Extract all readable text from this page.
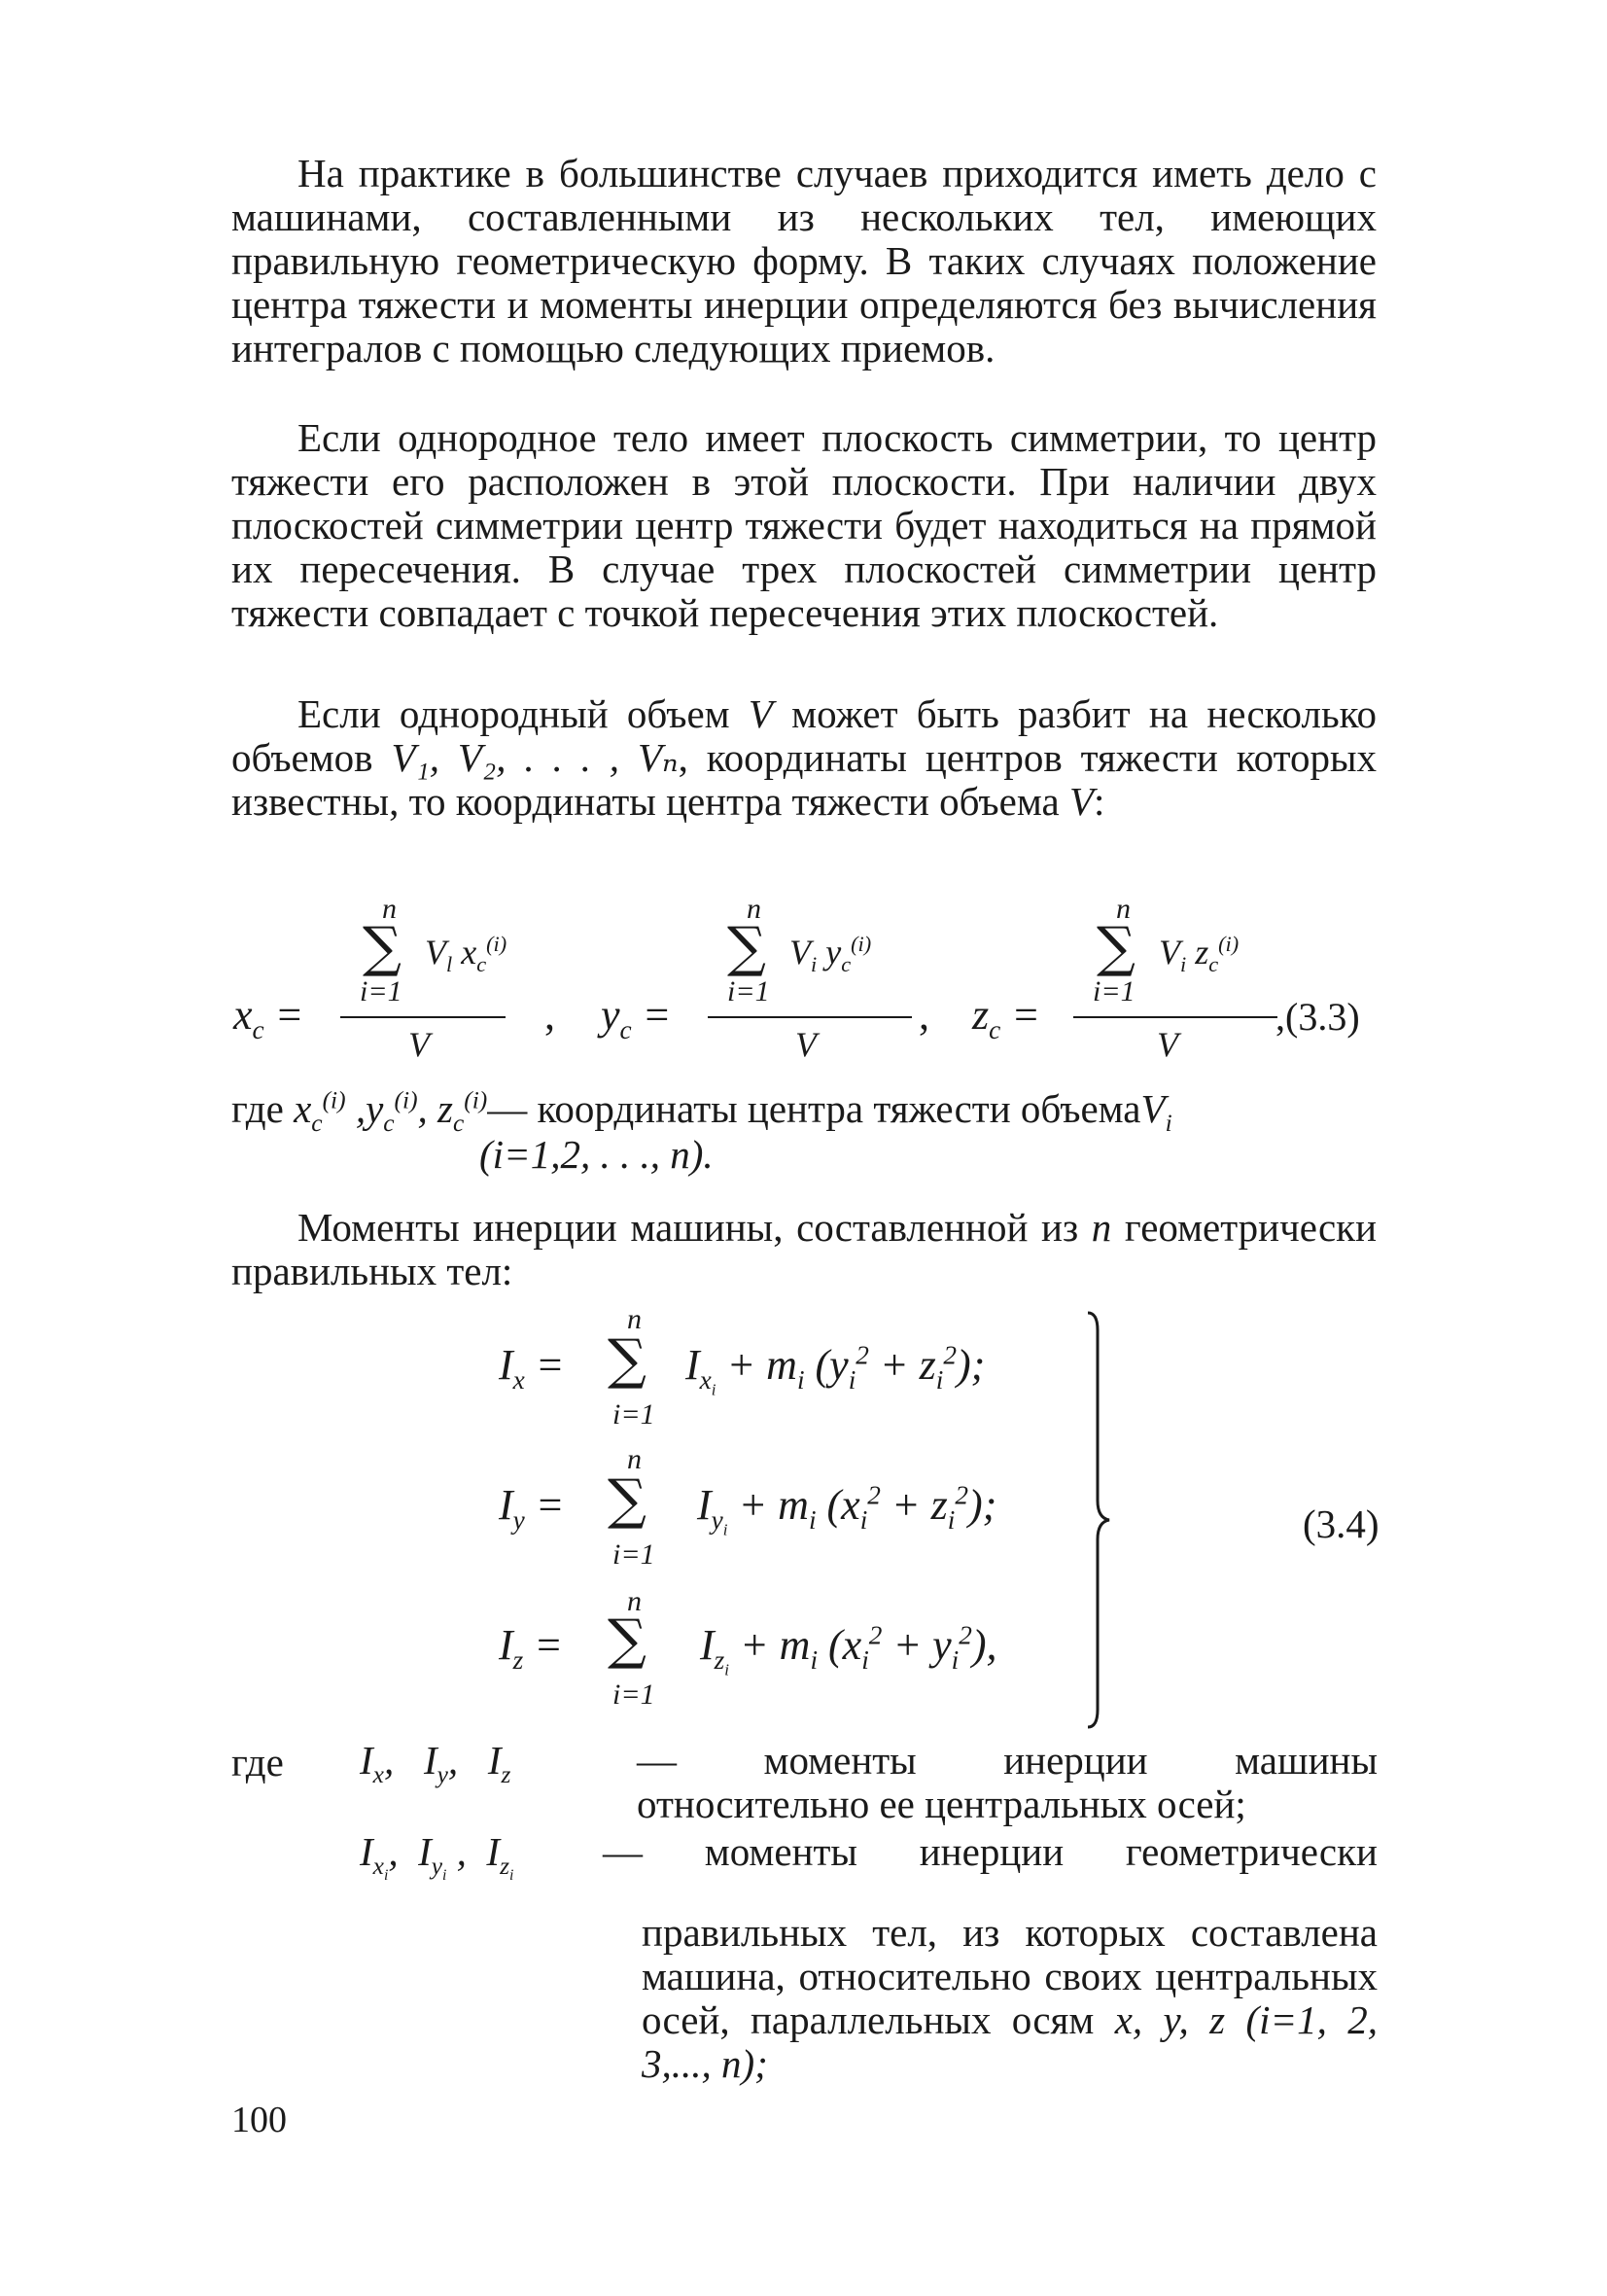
На практике в большинстве случаев приходится иметь дело с машинами, составленными из нескольких тел, имеющих правильную геометрическую форму. В таких случаях положение центра тяжести и моменты инерции определяются без вычисления интегралов с помощью следующих приемов.

Если однородное тело имеет плоскость симметрии, то центр тяжести его расположен в этой плоскости. При наличии двух плоскостей симметрии центр тяжести будет находиться на прямой их пересечения. В случае трех плоскостей симметрии центр тяжести совпадает с точкой пересечения этих плоскостей.

Если однородный объем V может быть разбит на несколько объемов V₁, V₂, . . . , Vₙ, координаты центров тяжести которых известны, то координаты центра тяжести объема V:

n
∑ $V_l$ $x_c^{(i)}$
i=1
$x_c$ =
V
,
n
∑ $V_i$ $y_c^{(i)}$
i=1
$y_c$ =
V
,
n
∑ $V_i$ $z_c^{(i)}$
i=1
$z_c$ =
V
,(3.3)
где $x_c^{(i)}$ $,y_c^{(i)}$, $z_c^{(i)}—$ координаты центра тяжести объемаV$_i$
(i=1,2, . . ., n).

Моменты инерции машины, составленной из n геометрически правильных тел:

n
$I_x$ = ∑ $I_{x_i} + m_i$ $(y_i^2 + z_i^2)$;
i=1
n
$I_y$ = ∑ $I_{y_i} + m_i$ $(x_i^2 + z_i^2)$;
i=1
n
$I_z$ = ∑ $I_{z_i} + m_i$ $(x_i^2 + y_i^2)$,
i=1
(3.4)
где $I_x$,   $I_y$,   $I_z$	— моменты инерции машины относительно ее центральных осей;

$I_{x_i}$,  $I_{y_i}$ ,  $I_{z_i}$
— моменты инерции геометрически

правильных тел, из которых составлена машина, относительно своих центральных осей, параллельных осям x, y, z (i=1, 2, 3,..., n);

100
